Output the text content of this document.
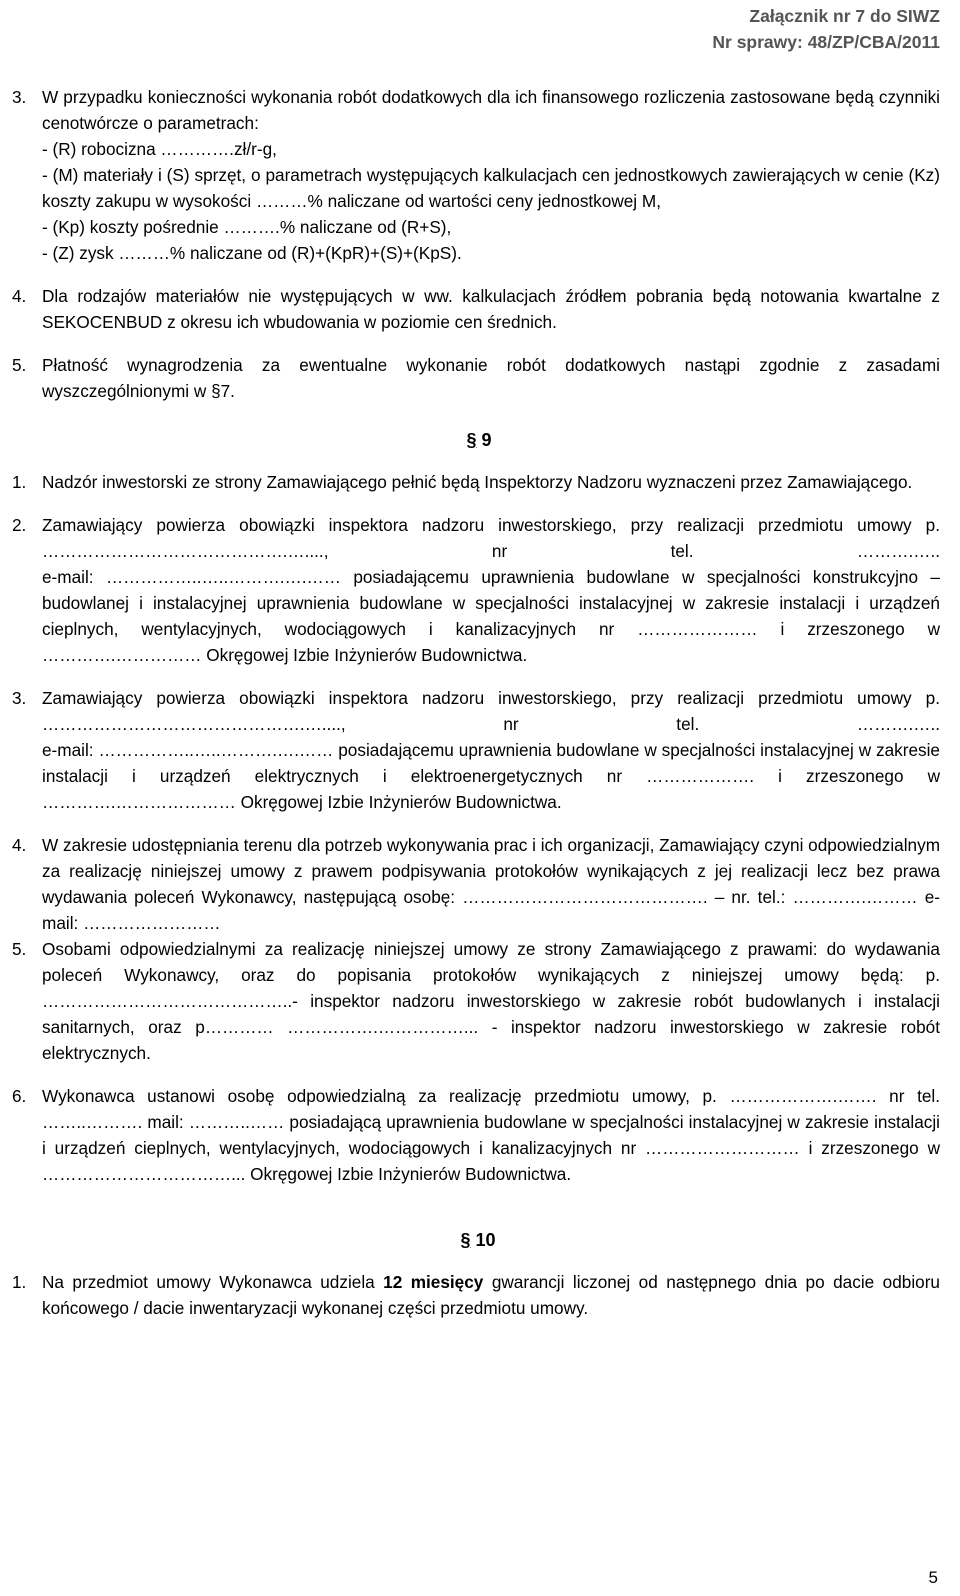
Załącznik nr 7 do SIWZ
Nr sprawy: 48/ZP/CBA/2011
3. W przypadku konieczności wykonania robót dodatkowych dla ich finansowego rozliczenia zastosowane będą czynniki cenotwórcze o parametrach:
- (R) robocizna ………….zł/r-g,
- (M) materiały i (S) sprzęt, o parametrach występujących kalkulacjach cen jednostkowych zawierających w cenie (Kz) koszty zakupu w wysokości ………% naliczane od wartości ceny jednostkowej M,
- (Kp) koszty pośrednie ……….% naliczane od (R+S),
- (Z) zysk ………% naliczane od (R)+(KpR)+(S)+(KpS).
4. Dla rodzajów materiałów nie występujących w ww. kalkulacjach źródłem pobrania będą notowania kwartalne z SEKOCENBUD z okresu ich wbudowania w poziomie cen średnich.
5. Płatność wynagrodzenia za ewentualne wykonanie robót dodatkowych nastąpi zgodnie z zasadami wyszczególnionymi w §7.
§ 9
1. Nadzór inwestorski ze strony Zamawiającego pełnić będą Inspektorzy Nadzoru wyznaczeni przez Zamawiającego.
2. Zamawiający powierza obowiązki inspektora nadzoru inwestorskiego, przy realizacji przedmiotu umowy p. …………………………………….…...., nr tel. ……….…..
e-mail: ……………..…..……….….…… posiadającemu uprawnienia budowlane w specjalności konstrukcyjno – budowlanej i instalacyjnej uprawnienia budowlane w specjalności instalacyjnej w zakresie instalacji i urządzeń cieplnych, wentylacyjnych, wodociągowych i kanalizacyjnych nr ………………… i zrzeszonego w ………….…………… Okręgowej Izbie Inżynierów Budownictwa.
3. Zamawiający powierza obowiązki inspektora nadzoru inwestorskiego, przy realizacji przedmiotu umowy p. ……………………………………….…...., nr tel. ……….…..
e-mail: ……………..…..……….….…… posiadającemu uprawnienia budowlane w specjalności instalacyjnej w zakresie instalacji i urządzeń elektrycznych i elektroenergetycznych nr ………………. i zrzeszonego w ………….………………… Okręgowej Izbie Inżynierów Budownictwa.
4. W zakresie udostępniania terenu dla potrzeb wykonywania prac i ich organizacji, Zamawiający czyni odpowiedzialnym za realizację niniejszej umowy z prawem podpisywania protokołów wynikających z jej realizacji lecz bez prawa wydawania poleceń Wykonawcy, następującą osobę: ……………………………………. – nr. tel.: ………….……… e-mail: ……………………
5. Osobami odpowiedzialnymi za realizację niniejszej umowy ze strony Zamawiającego z prawami: do wydawania poleceń Wykonawcy, oraz do popisania protokołów wynikających z niniejszej umowy będą: p. ……………………………………..- inspektor nadzoru inwestorskiego w zakresie robót budowlanych i instalacji sanitarnych, oraz p………… …………….……………... - inspektor nadzoru inwestorskiego w zakresie robót elektrycznych.
6. Wykonawca ustanowi osobę odpowiedzialną za realizację przedmiotu umowy, p. ……………….……. nr tel. ……..………. mail: ………..…… posiadającą uprawnienia budowlane w specjalności instalacyjnej w zakresie instalacji i urządzeń cieplnych, wentylacyjnych, wodociągowych i kanalizacyjnych nr ……………………… i zrzeszonego w ……………………………... Okręgowej Izbie Inżynierów Budownictwa.
§ 10
1. Na przedmiot umowy Wykonawca udziela 12 miesięcy gwarancji liczonej od następnego dnia po dacie odbioru końcowego / dacie inwentaryzacji wykonanej części przedmiotu umowy.
5
